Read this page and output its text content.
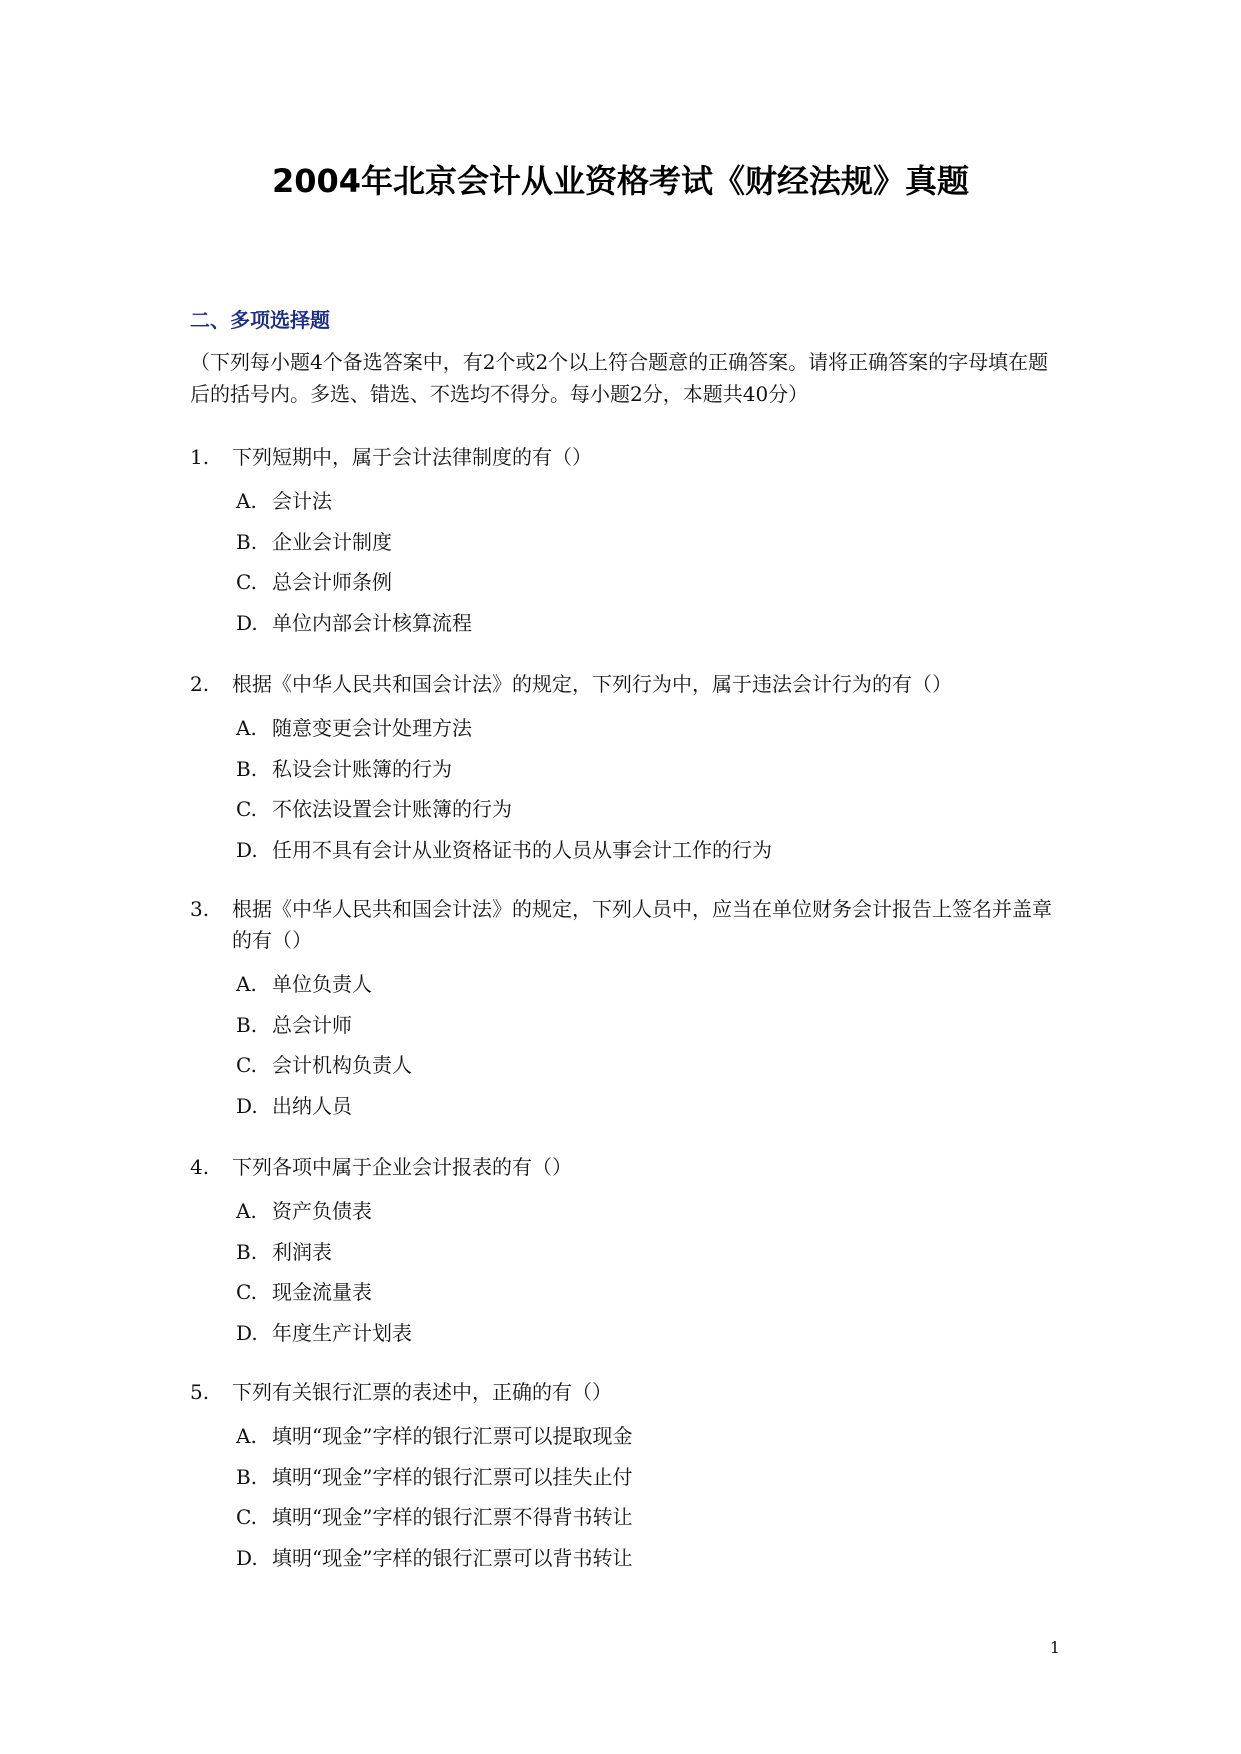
2004年北京会计从业资格考试《财经法规》真题
二、多项选择题
（下列每小题4个备选答案中，有2个或2个以上符合题意的正确答案。请将正确答案的字母填在题后的括号内。多选、错选、不选均不得分。每小题2分，本题共40分）
1.	下列短期中，属于会计法律制度的有（）
A. 会计法
B. 企业会计制度
C. 总会计师条例
D. 单位内部会计核算流程
2.	根据《中华人民共和国会计法》的规定，下列行为中，属于违法会计行为的有（）
A. 随意变更会计处理方法
B. 私设会计账簿的行为
C. 不依法设置会计账簿的行为
D. 任用不具有会计从业资格证书的人员从事会计工作的行为
3.	根据《中华人民共和国会计法》的规定，下列人员中，应当在单位财务会计报告上签名并盖章的有（）
A. 单位负责人
B. 总会计师
C. 会计机构负责人
D. 出纳人员
4.	下列各项中属于企业会计报表的有（）
A. 资产负债表
B. 利润表
C. 现金流量表
D. 年度生产计划表
5.	下列有关银行汇票的表述中，正确的有（）
A. 填明“现金”字样的银行汇票可以提取现金
B. 填明“现金”字样的银行汇票可以挂失止付
C. 填明“现金”字样的银行汇票不得背书转让
D. 填明“现金”字样的银行汇票可以背书转让
1
